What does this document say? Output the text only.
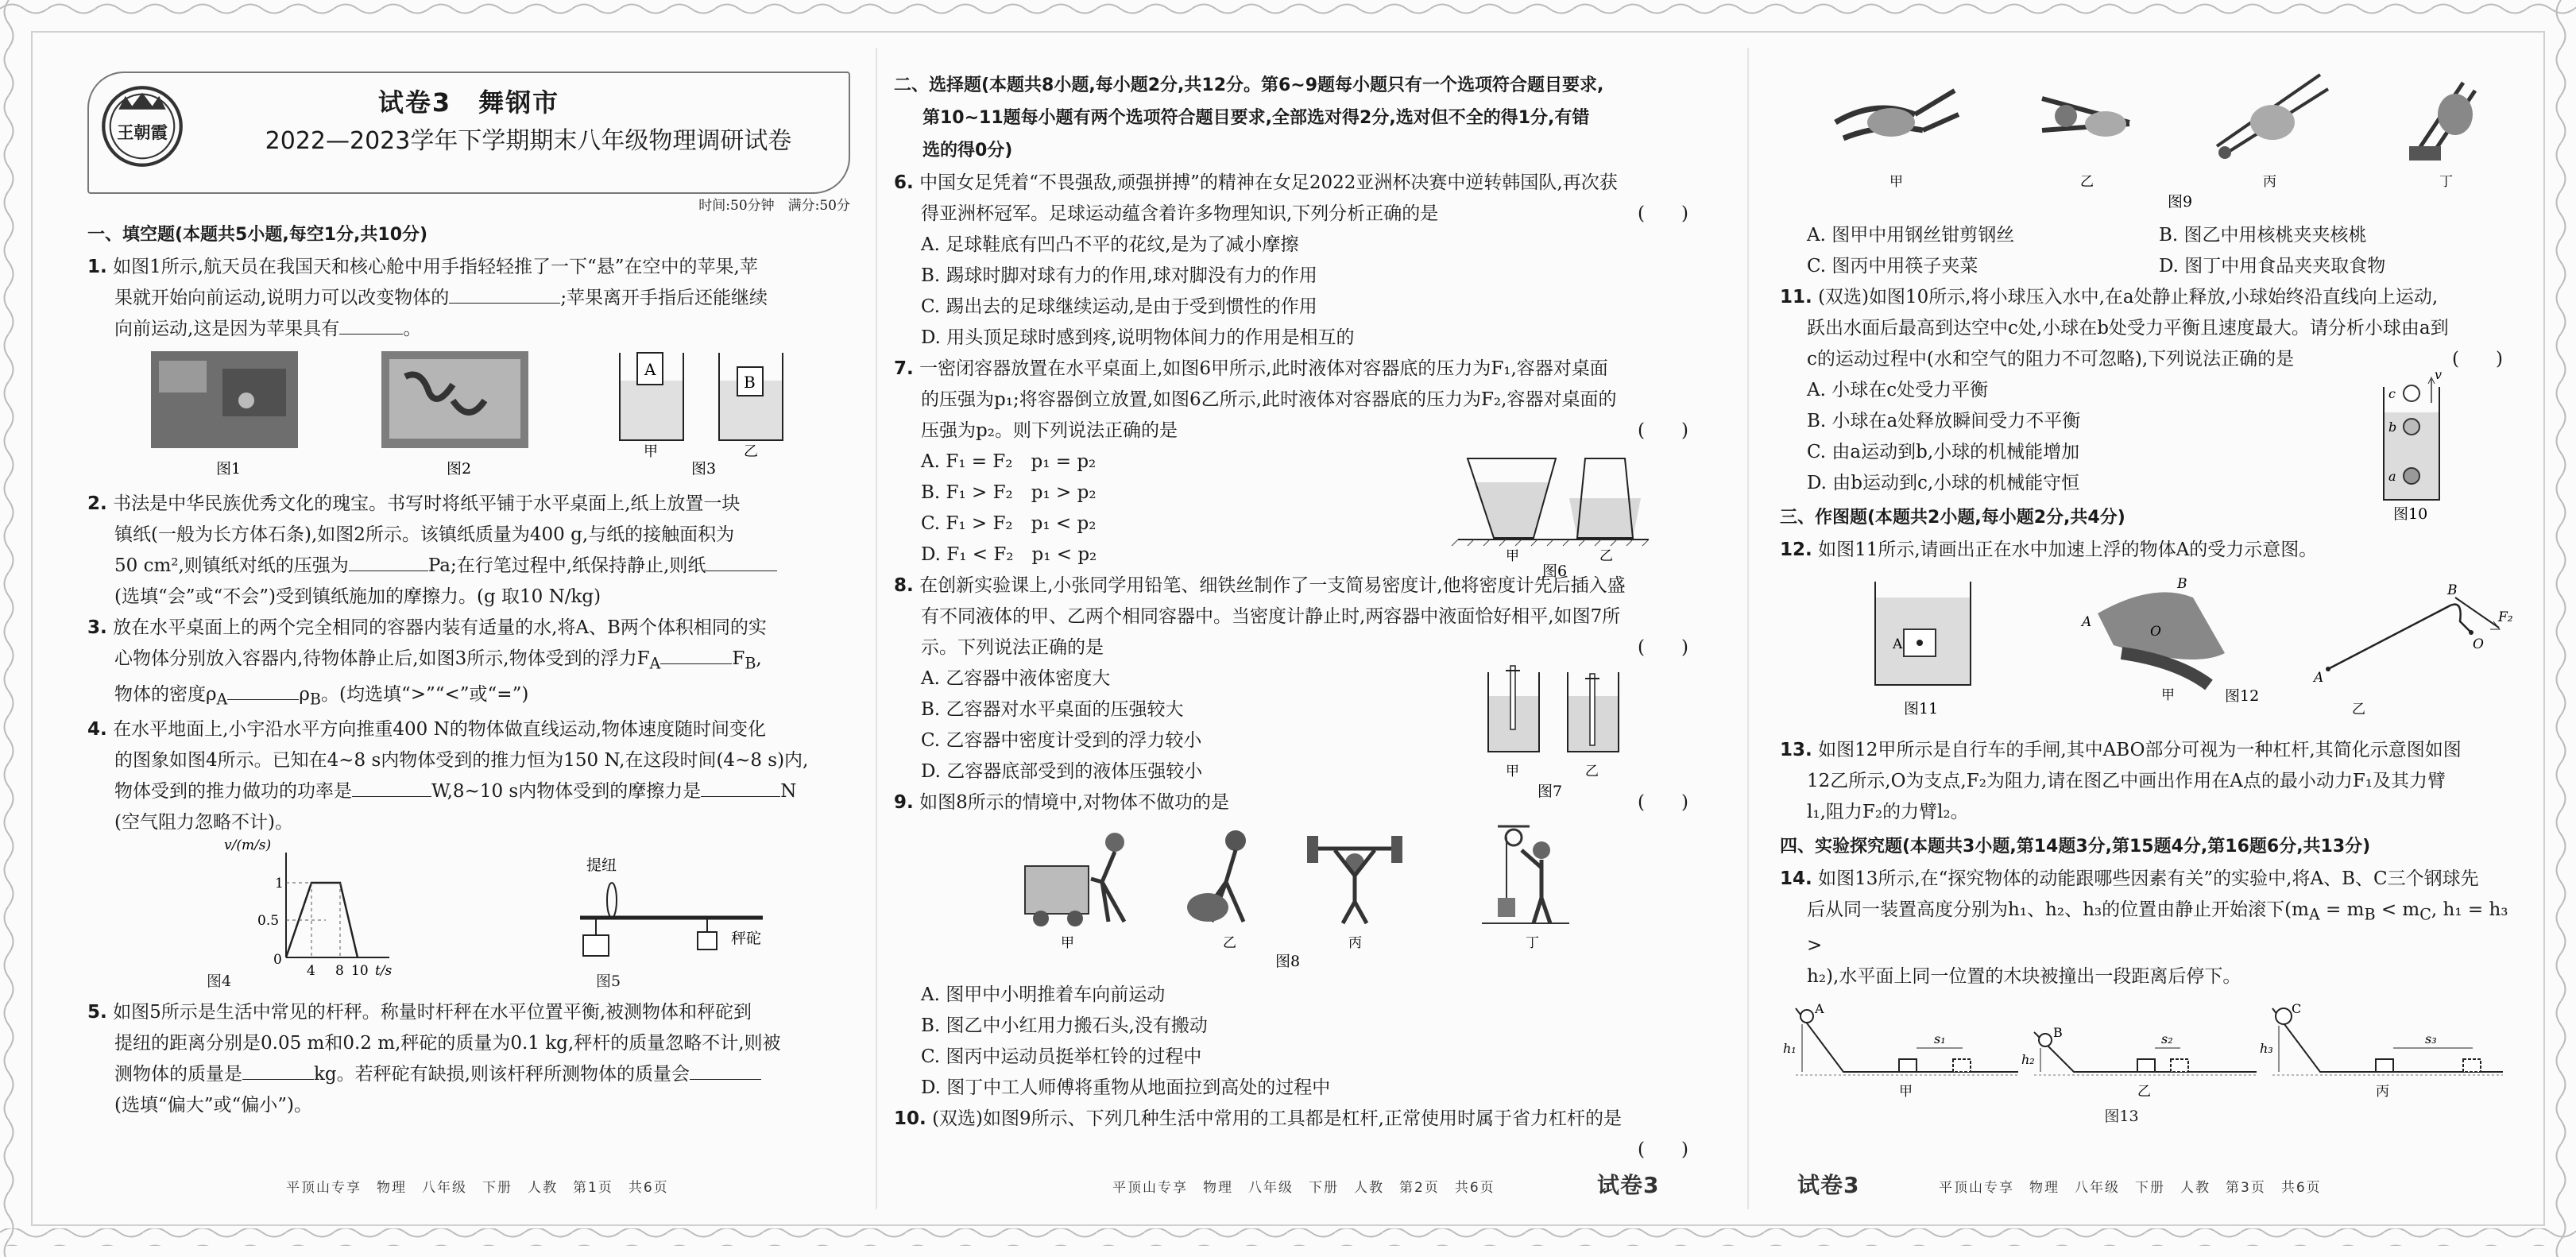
王朝霞
试卷3　舞钢市
2022—2023学年下学期期末八年级物理调研试卷
时间:50分钟　满分:50分
一、填空题(本题共5小题,每空1分,共10分)

1. 如图1所示,航天员在我国天和核心舱中用手指轻轻推了一下“悬”在空中的苹果,苹

果就开始向前运动,说明力可以改变物体的	;苹果离开手指后还能继续

向前运动,这是因为苹果具有	。

A
B
甲	乙
图1	图2	图3

2. 书法是中华民族优秀文化的瑰宝。书写时将纸平铺于水平桌面上,纸上放置一块

镇纸(一般为长方体石条),如图2所示。该镇纸质量为400 g,与纸的接触面积为

50 cm²,则镇纸对纸的压强为	Pa;在行笔过程中,纸保持静止,则纸

(选填“会”或“不会”)受到镇纸施加的摩擦力。(g 取10 N/kg)

3. 放在水平桌面上的两个完全相同的容器内装有适量的水,将A、B两个体积相同的实

心物体分别放入容器内,待物体静止后,如图3所示,物体受到的浮力$F_A$	$F_B$,

物体的密度$\rho_A$	$\rho_B$。(均选填“>”“<”或“=”)

4. 在水平地面上,小宇沿水平方向推重400 N的物体做直线运动,物体速度随时间变化

的图象如图4所示。已知在4~8 s内物体受到的推力恒为150 N,在这段时间(4~8 s)内,

物体受到的推力做功的功率是	W,8~10 s内物体受到的摩擦力是	N

(空气阻力忽略不计)。

v/(m/s)
1
0.5
0
4 8 10 t/s
提纽
秤砣
图4	图5

5. 如图5所示是生活中常见的杆秤。称量时杆秤在水平位置平衡,被测物体和秤砣到

提纽的距离分别是0.05 m和0.2 m,秤砣的质量为0.1 kg,秤杆的质量忽略不计,则被

测物体的质量是	kg。若秤砣有缺损,则该杆秤所测物体的质量会

(选填“偏大”或“偏小”)。

二、选择题(本题共8小题,每小题2分,共12分。第6~9题每小题只有一个选项符合题目要求,
第10~11题每小题有两个选项符合题目要求,全部选对得2分,选对但不全的得1分,有错
选的得0分)

6. 中国女足凭着“不畏强敌,顽强拼搏”的精神在女足2022亚洲杯决赛中逆转韩国队,再次获

得亚洲杯冠军。足球运动蕴含着许多物理知识,下列分析正确的是	(　　)

A. 足球鞋底有凹凸不平的花纹,是为了减小摩擦

B. 踢球时脚对球有力的作用,球对脚没有力的作用

C. 踢出去的足球继续运动,是由于受到惯性的作用

D. 用头顶足球时感到疼,说明物体间力的作用是相互的

7. 一密闭容器放置在水平桌面上,如图6甲所示,此时液体对容器底的压力为F₁,容器对桌面

的压强为p₁;将容器倒立放置,如图6乙所示,此时液体对容器底的压力为F₂,容器对桌面的

压强为p₂。则下列说法正确的是	(　　)

A. F₁ = F₂　p₁ = p₂

B. F₁ > F₂　p₁ > p₂

C. F₁ > F₂　p₁ < p₂

D. F₁ < F₂　p₁ < p₂	甲	乙
图6

8. 在创新实验课上,小张同学用铅笔、细铁丝制作了一支简易密度计,他将密度计先后插入盛

有不同液体的甲、乙两个相同容器中。当密度计静止时,两容器中液面恰好相平,如图7所

示。下列说法正确的是	(　　)

A. 乙容器中液体密度大

B. 乙容器对水平桌面的压强较大

C. 乙容器中密度计受到的浮力较小

D. 乙容器底部受到的液体压强较小	甲	乙
图7

9. 如图8所示的情境中,对物体不做功的是	(　　)

甲	乙	丙	丁
图8

A. 图甲中小明推着车向前运动

B. 图乙中小红用力搬石头,没有搬动

C. 图丙中运动员挺举杠铃的过程中

D. 图丁中工人师傅将重物从地面拉到高处的过程中

10. (双选)如图9所示、下列几种生活中常用的工具都是杠杆,正常使用时属于省力杠杆的是

(　　)

甲	乙	丙	丁
图9
A. 图甲中用钢丝钳剪钢丝	B. 图乙中用核桃夹夹核桃
C. 图丙中用筷子夹菜	D. 图丁中用食品夹夹取食物

11. (双选)如图10所示,将小球压入水中,在a处静止释放,小球始终沿直线向上运动,

跃出水面后最高到达空中c处,小球在b处受力平衡且速度最大。请分析小球由a到

c的运动过程中(水和空气的阻力不可忽略),下列说法正确的是	(　　)

A. 小球在c处受力平衡

B. 小球在a处释放瞬间受力不平衡

C. 由a运动到b,小球的机械能增加

D. 由b运动到c,小球的机械能守恒

c
b
a
v
图10
三、作图题(本题共2小题,每小题2分,共4分)

12. 如图11所示,请画出正在水中加速上浮的物体A的受力示意图。

A
图11
A
B
O
甲
A
B
O
F₂
乙
图12

13. 如图12甲所示是自行车的手闸,其中ABO部分可视为一种杠杆,其简化示意图如图

12乙所示,O为支点,F₂为阻力,请在图乙中画出作用在A点的最小动力F₁及其力臂

l₁,阻力F₂的力臂l₂。

四、实验探究题(本题共3小题,第14题3分,第15题4分,第16题6分,共13分)

14. 如图13所示,在“探究物体的动能跟哪些因素有关”的实验中,将A、B、C三个钢球先

后从同一装置高度分别为h₁、h₂、h₃的位置由静止开始滚下($m_A = m_B < m_C$, h₁ = h₃ >

h₂),水平面上同一位置的木块被撞出一段距离后停下。

A
h₁
s₁
甲
B
h₂
s₂
乙
C
h₃
s₃
丙

图13

平顶山专享　物理　八年级　下册　人教　第1页　共6页	平顶山专享　物理　八年级　下册　人教　第2页　共6页	试卷3	试卷3	平顶山专享　物理　八年级　下册　人教　第3页　共6页
